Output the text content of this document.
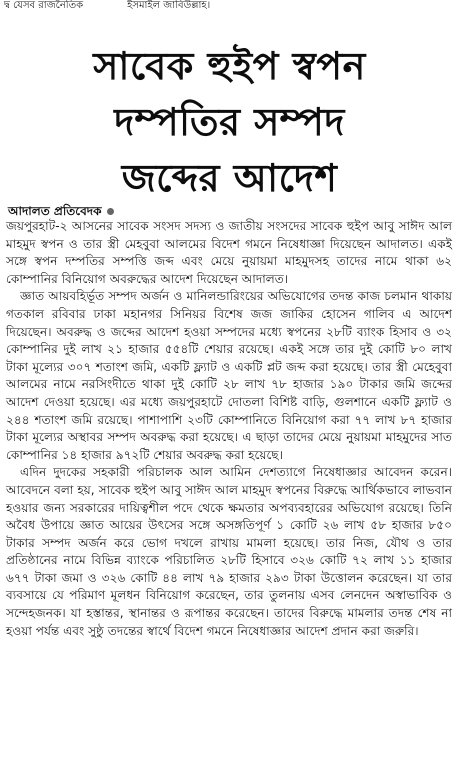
দ্ব যেসব রাজনৈতিক	ইসমাইল জাবিউল্লাহ।
সাবেক হুইপ স্বপন
দম্পতির সম্পদ
জব্দের আদেশ
আদালত প্রতিবেদক

জয়পুরহাট-২ আসনের সাবেক সংসদ সদস্য ও জাতীয় সংসদের সাবেক হুইপ আবু সাঈদ আল মাহমুদ স্বপন ও তার স্ত্রী মেহবুবা আলমের বিদেশ গমনে নিষেধাজ্ঞা দিয়েছেন আদালত। একই সঙ্গে স্বপন দম্পতির সম্পত্তি জব্দ এবং মেয়ে নুয়ায়মা মাহমুদসহ তাদের নামে থাকা ৬২ কোম্পানির বিনিয়োগ অবরুদ্ধের আদেশ দিয়েছেন আদালত।

জ্ঞাত আয়বহির্ভূত সম্পদ অর্জন ও মানিলন্ডারিংয়ের অভিযোগের তদন্ত কাজ চলমান থাকায় গতকাল রবিবার ঢাকা মহানগর সিনিয়র বিশেষ জজ জাকির হোসেন গালিব এ আদেশ দিয়েছেন। অবরুদ্ধ ও জব্দের আদেশ হওয়া সম্পদের মধ্যে স্বপনের ২৮টি ব্যাংক হিসাব ও ৩২ কোম্পানির দুই লাখ ২১ হাজার ৫৫৪টি শেয়ার রয়েছে। একই সঙ্গে তার দুই কোটি ৮০ লাখ টাকা মূল্যের ৩০৭ শতাংশ জমি, একটি ফ্ল্যাট ও একটি প্লট জব্দ করা হয়েছে। তার স্ত্রী মেহেবুবা আলমের নামে নরসিংদীতে থাকা দুই কোটি ২৮ লাখ ৭৮ হাজার ১৯০ টাকার জমি জব্দের আদেশ দেওয়া হয়েছে। এর মধ্যে জয়পুরহাটে দোতলা বিশিষ্ট বাড়ি, গুলশানে একটি ফ্ল্যাট ও ২৪৪ শতাংশ জমি রয়েছে। পাশাপাশি ২৩টি কোম্পানিতে বিনিয়োগ করা ৭৭ লাখ ৮৭ হাজার টাকা মূল্যের অস্থাবর সম্পদ অবরুদ্ধ করা হয়েছে। এ ছাড়া তাদের মেয়ে নুয়ায়মা মাহমুদের সাত কোম্পানির ১৪ হাজার ৯৭২টি শেয়ার অবরুদ্ধ করা হয়েছে।

এদিন দুদকের সহকারী পরিচালক আল আমিন দেশত্যাগে নিষেধাজ্ঞার আবেদন করেন। আবেদনে বলা হয়, সাবেক হুইপ আবু সাঈদ আল মাহমুদ স্বপনের বিরুদ্ধে আর্থিকভাবে লাভবান হওয়ার জন্য সরকারের দায়িত্বশীল পদে থেকে ক্ষমতার অপব্যবহারের অভিযোগ রয়েছে। তিনি অবৈধ উপায়ে জ্ঞাত আয়ের উৎসের সঙ্গে অসঙ্গতিপূর্ণ ১ কোটি ২৬ লাখ ৫৮ হাজার ৮৫০ টাকার সম্পদ অর্জন করে ভোগ দখলে রাখায় মামলা হয়েছে। তার নিজ, যৌথ ও তার প্রতিষ্ঠানের নামে বিভিন্ন ব্যাংকে পরিচালিত ২৮টি হিসাবে ৩২৬ কোটি ৭২ লাখ ১১ হাজার ৬৭৭ টাকা জমা ও ৩২৬ কোটি ৪৪ লাখ ৭৯ হাজার ২৯৩ টাকা উত্তোলন করেছেন। যা তার ব্যবসায়ে যে পরিমাণ মূলধন বিনিয়োগ করেছেন, তার তুলনায় এসব লেনদেন অস্বাভাবিক ও সন্দেহজনক। যা হস্তান্তর, স্থানান্তর ও রূপান্তর করেছেন। তাদের বিরুদ্ধে মামলার তদন্ত শেষ না হওয়া পর্যন্ত এবং সুষ্ঠু তদন্তের স্বার্থে বিদেশ গমনে নিষেধাজ্ঞার আদেশ প্রদান করা জরুরি।
